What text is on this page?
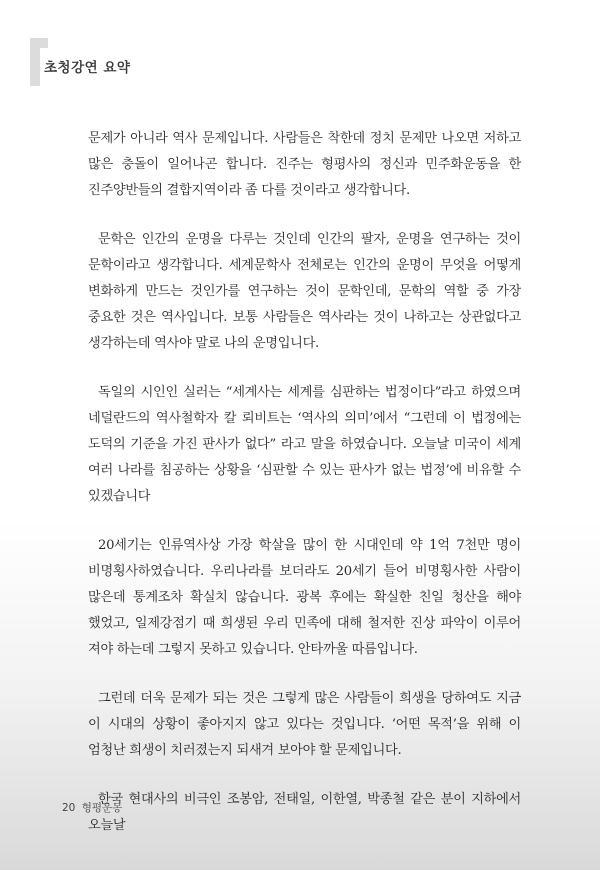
초청강연 요약

문제가 아니라 역사 문제입니다. 사람들은 착한데 정치 문제만 나오면 저하고 많은 충돌이 일어나곤 합니다. 진주는 형평사의 정신과 민주화운동을 한 진주양반들의 결합지역이라 좀 다를 것이라고 생각합니다.

문학은 인간의 운명을 다루는 것인데 인간의 팔자, 운명을 연구하는 것이 문학이라고 생각합니다. 세계문학사 전체로는 인간의 운명이 무엇을 어떻게 변화하게 만드는 것인가를 연구하는 것이 문학인데, 문학의 역할 중 가장 중요한 것은 역사입니다. 보통 사람들은 역사라는 것이 나하고는 상관없다고 생각하는데 역사야 말로 나의 운명입니다.

독일의 시인인 실러는 “세계사는 세계를 심판하는 법정이다”라고 하였으며 네덜란드의 역사철학자 칼 뢰비트는 ‘역사의 의미’에서 “그런데 이 법정에는 도덕의 기준을 가진 판사가 없다” 라고 말을 하였습니다. 오늘날 미국이 세계 여러 나라를 침공하는 상황을 ‘심판할 수 있는 판사가 없는 법정’에 비유할 수 있겠습니다

20세기는 인류역사상 가장 학살을 많이 한 시대인데 약 1억 7천만 명이 비명횡사하였습니다. 우리나라를 보더라도 20세기 들어 비명횡사한 사람이 많은데 통계조차 확실치 않습니다. 광복 후에는 확실한 친일 청산을 해야 했었고, 일제강점기 때 희생된 우리 민족에 대해 철저한 진상 파악이 이루어 져야 하는데 그렇지 못하고 있습니다. 안타까울 따름입니다.

그런데 더욱 문제가 되는 것은 그렇게 많은 사람들이 희생을 당하여도 지금 이 시대의 상황이 좋아지지 않고 있다는 것입니다. ‘어떤 목적’을 위해 이 엄청난 희생이 치러졌는지 되새겨 보아야 할 문제입니다.

한국 현대사의 비극인 조봉암, 전태일, 이한열, 박종철 같은 분이 지하에서 오늘날

20 형평운동
